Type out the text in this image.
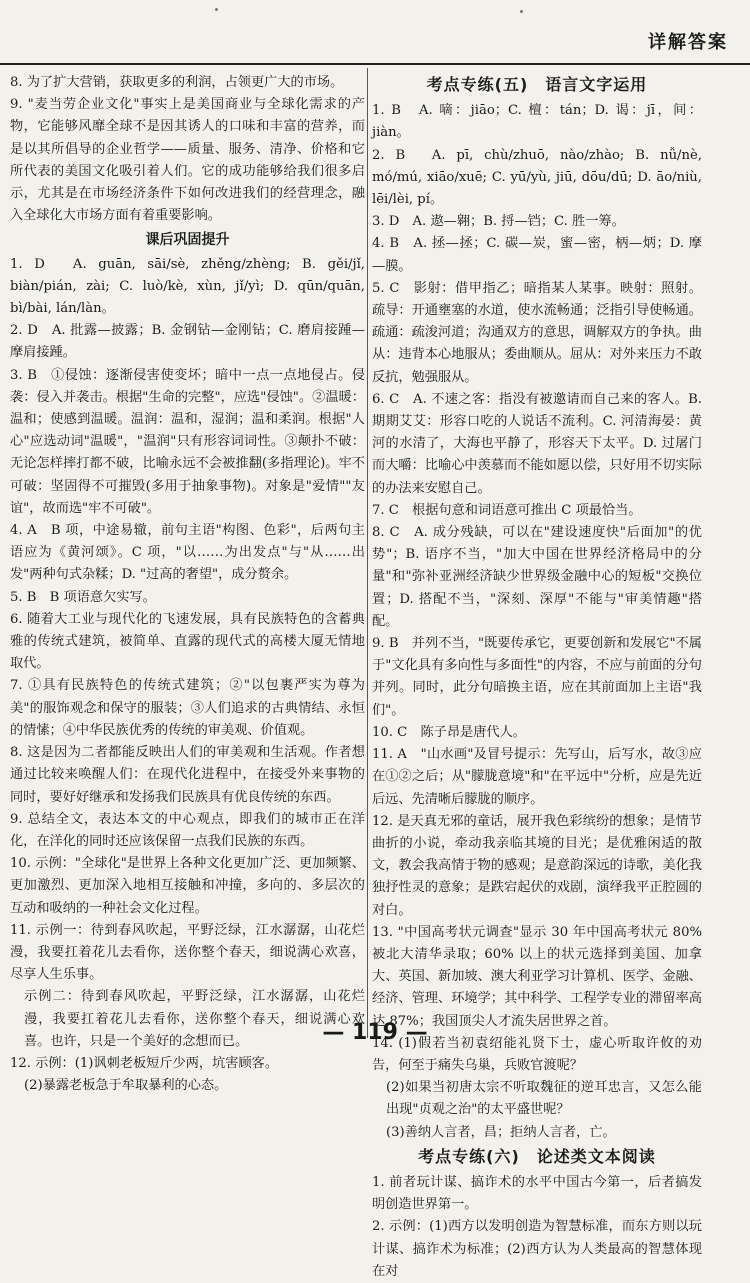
详解答案

8. 为了扩大营销，获取更多的利润，占领更广大的市场。

9. "麦当劳企业文化"事实上是美国商业与全球化需求的产物，它能够风靡全球不是因其诱人的口味和丰富的营养，而是以其所倡导的企业哲学——质量、服务、清净、价格和它所代表的美国文化吸引着人们。它的成功能够给我们很多启示，尤其是在市场经济条件下如何改进我们的经营理念，融入全球化大市场方面有着重要影响。

课后巩固提升

1. D　A. guān, sāi/sè, zhěng/zhèng; B. gěi/jǐ, biàn/pián, zài; C. luò/kè, xùn, jǐ/yì; D. qūn/quān, bì/bài, lán/làn。

2. D　A. 批露—披露；B. 金钢钻—金刚钻；C. 磨肩接踵—摩肩接踵。

3. B　①侵蚀：逐渐侵害使变坏；暗中一点一点地侵占。侵袭：侵入并袭击。根据"生命的完整"，应选"侵蚀"。②温暖：温和；使感到温暖。温润：温和，湿润；温和柔润。根据"人心"应选动词"温暖"，"温润"只有形容词词性。③颠扑不破：无论怎样摔打都不破，比喻永远不会被推翻(多指理论)。牢不可破：坚固得不可摧毁(多用于抽象事物)。对象是"爱情""友谊"，故而选"牢不可破"。

4. A　B 项，中途易辙，前句主语"构图、色彩"，后两句主语应为《黄河颂》。C 项，"以……为出发点"与"从……出发"两种句式杂糅；D. "过高的奢望"，成分赘余。

5. B　B 项语意欠实写。

6. 随着大工业与现代化的飞速发展，具有民族特色的含蓄典雅的传统式建筑，被简单、直露的现代式的高楼大厦无情地取代。

7. ①具有民族特色的传统式建筑；②"以包裹严实为尊为美"的服饰观念和保守的服装；③人们追求的古典情结、永恒的情愫；④中华民族优秀的传统的审美观、价值观。

8. 这是因为二者都能反映出人们的审美观和生活观。作者想通过比较来唤醒人们：在现代化进程中，在接受外来事物的同时，要好好继承和发扬我们民族具有优良传统的东西。

9. 总结全文，表达本文的中心观点，即我们的城市正在洋化，在洋化的同时还应该保留一点我们民族的东西。

10. 示例："全球化"是世界上各种文化更加广泛、更加频繁、更加激烈、更加深入地相互接触和冲撞，多向的、多层次的互动和吸纳的一种社会文化过程。

11. 示例一：待到春风吹起，平野泛绿，江水潺潺，山花烂漫，我要扛着花儿去看你，送你整个春天，细说满心欢喜，尽享人生乐事。

示例二：待到春风吹起，平野泛绿，江水潺潺，山花烂漫，我要扛着花儿去看你，送你整个春天，细说满心欢喜。也许，只是一个美好的念想而已。

12. 示例：(1)讽刺老板短斤少两，坑害顾客。

(2)暴露老板急于牟取暴利的心态。

考点专练(五)　语言文字运用

1. B　A. 嘀：jiāo；C. 檀：tán；D. 谒：jī，间：jiàn。

2. B　A. pī, chù/zhuō, nào/zhào; B. nǚ/nè, mó/mú, xiāo/xuē; C. yū/yù, jiū, dōu/dū; D. āo/niù, lēi/lèi, pí。

3. D　A. 遨—翱；B. 捋—铛；C. 胜一筹。

4. B　A. 拯—拯；C. 碳—炭，蜜—密，柄—炳；D. 摩—膜。

5. C　影射：借甲指乙；暗指某人某事。映射：照射。疏导：开通壅塞的水道，使水流畅通；泛指引导使畅通。疏通：疏浚河道；沟通双方的意思，调解双方的争执。曲从：违背本心地服从；委曲顺从。屈从：对外来压力不敢反抗，勉强服从。

6. C　A. 不速之客：指没有被邀请而自己来的客人。B. 期期艾艾：形容口吃的人说话不流利。C. 河清海晏：黄河的水清了，大海也平静了，形容天下太平。D. 过屠门而大嚼：比喻心中羡慕而不能如愿以偿，只好用不切实际的办法来安慰自己。

7. C　根据句意和词语意可推出 C 项最恰当。

8. C　A. 成分残缺，可以在"建设速度快"后面加"的优势"；B. 语序不当，"加大中国在世界经济格局中的分量"和"弥补亚洲经济缺少世界级金融中心的短板"交换位置；D. 搭配不当，"深刻、深厚"不能与"审美情趣"搭配。

9. B　并列不当，"既要传承它，更要创新和发展它"不属于"文化具有多向性与多面性"的内容，不应与前面的分句并列。同时，此分句暗换主语，应在其前面加上主语"我们"。

10. C　陈子昂是唐代人。

11. A　"山水画"及冒号提示：先写山，后写水，故③应在①②之后；从"朦胧意境"和"在平远中"分析，应是先近后远、先清晰后朦胧的顺序。

12. 是天真无邪的童话，展开我色彩缤纷的想象；是情节曲折的小说，牵动我亲临其境的目光；是优雅闲适的散文，教会我高情于物的感观；是意韵深远的诗歌，美化我独抒性灵的意象；是跌宕起伏的戏剧，演绎我平正腔圆的对白。

13. "中国高考状元调查"显示 30 年中国高考状元 80% 被北大清华录取；60% 以上的状元选择到美国、加拿大、英国、新加坡、澳大利亚学习计算机、医学、金融、经济、管理、环境学；其中科学、工程学专业的滞留率高达 87%；我国顶尖人才流失居世界之首。

14. (1)假若当初袁绍能礼贤下士，虚心听取许攸的劝告，何至于痛失乌巢，兵败官渡呢？

(2)如果当初唐太宗不听取魏征的逆耳忠言，又怎么能出现"贞观之治"的太平盛世呢？

(3)善纳人言者，昌；拒纳人言者，亡。

考点专练(六)　论述类文本阅读

1. 前者玩计谋、搞诈术的水平中国古今第一，后者搞发明创造世界第一。

2. 示例：(1)西方以发明创造为智慧标准，而东方则以玩计谋、搞诈术为标准；(2)西方认为人类最高的智慧体现在对

— 119 —
